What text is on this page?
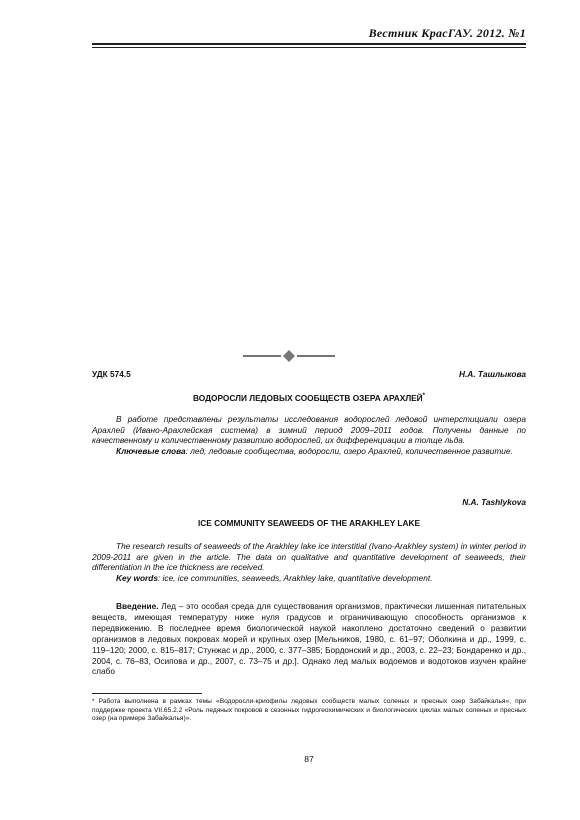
Вестник КрасГАУ. 2012. №1
УДК 574.5	Н.А. Ташлыкова
ВОДОРОСЛИ ЛЕДОВЫХ СООБЩЕСТВ ОЗЕРА АРАХЛЕЙ*
В работе представлены результаты исследования водорослей ледовой интерстициали озера Арахлей (Ивано-Арахлейская система) в зимний период 2009–2011 годов. Получены данные по качественному и количественному развитию водорослей, их дифференциации в толще льда.
Ключевые слова: лед, ледовые сообщества, водоросли, озеро Арахлей, количественное развитие.
N.A. Tashlykova
ICE COMMUNITY SEAWEEDS OF THE ARAKHLEY LAKE
The research results of seaweeds of the Arakhley lake ice interstitial (Ivano-Arakhley system) in winter period in 2009-2011 are given in the article. The data on qualitative and quantitative development of seaweeds, their differentiation in the ice thickness are received.
Key words: ice, ice communities, seaweeds, Arakhley lake, quantitative development.
Введение. Лед – это особая среда для существования организмов, практически лишенная питательных веществ, имеющая температуру ниже нуля градусов и ограничивающую способность организмов к передвижению. В последнее время биологической наукой накоплено достаточно сведений о развитии организмов в ледовых покровах морей и крупных озер [Мельников, 1980, с. 61–97; Оболкина и др., 1999, с. 119–120; 2000, с. 815–817; Стунжас и др., 2000, с. 377–385; Бордонский и др., 2003, с. 22–23; Бондаренко и др., 2004, с. 76–83, Осипова и др., 2007, с. 73–75 и др.]. Однако лед малых водоемов и водотоков изучен крайне слабо
* Работа выполнена в рамках темы «Водоросли-криофилы ледовых сообществ малых соленых и пресных озер Забайкалья», при поддержке проекта VII.65.2.2 «Роль ледяных покровов в сезонных гидрогеохимических и биологических циклах малых соленых и пресных озер (на примере Забайкалья)».
87
